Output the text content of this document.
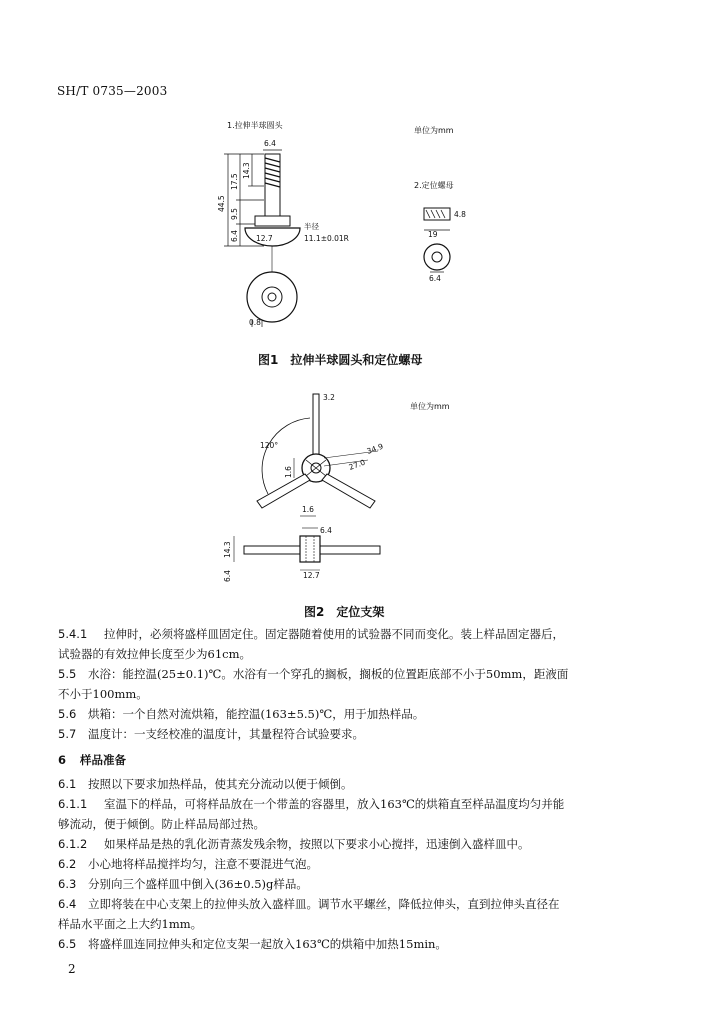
SH/T 0735—2003
1.拉伸半球圆头
单位为mm
2.定位螺母
6.4
44.5
17.5
14.3
9.5
6.4 12.7
半径
11.1±0.01R
0.8
4.8
19
6.4
图1　拉伸半球圆头和定位螺母
单位为mm
3.2
120°
1.6
34.9
27.0
1.6
6.4
14.3
6.4	12.7
图2　定位支架
5.4.1 拉伸时，必须将盛样皿固定住。固定器随着使用的试验器不同而变化。装上样品固定器后，
试验器的有效拉伸长度至少为61cm。
5.5 水浴：能控温(25±0.1)℃。水浴有一个穿孔的搁板，搁板的位置距底部不小于50mm，距液面
不小于100mm。
5.6 烘箱：一个自然对流烘箱，能控温(163±5.5)℃，用于加热样品。
5.7 温度计：一支经校准的温度计，其量程符合试验要求。
6 样品准备
6.1 按照以下要求加热样品，使其充分流动以便于倾倒。
6.1.1 室温下的样品，可将样品放在一个带盖的容器里，放入163℃的烘箱直至样品温度均匀并能
够流动，便于倾倒。防止样品局部过热。
6.1.2 如果样品是热的乳化沥青蒸发残余物，按照以下要求小心搅拌，迅速倒入盛样皿中。
6.2 小心地将样品搅拌均匀，注意不要混进气泡。
6.3 分别向三个盛样皿中倒入(36±0.5)g样品。
6.4 立即将装在中心支架上的拉伸头放入盛样皿。调节水平螺丝，降低拉伸头，直到拉伸头直径在
样品水平面之上大约1mm。
6.5 将盛样皿连同拉伸头和定位支架一起放入163℃的烘箱中加热15min。
2
